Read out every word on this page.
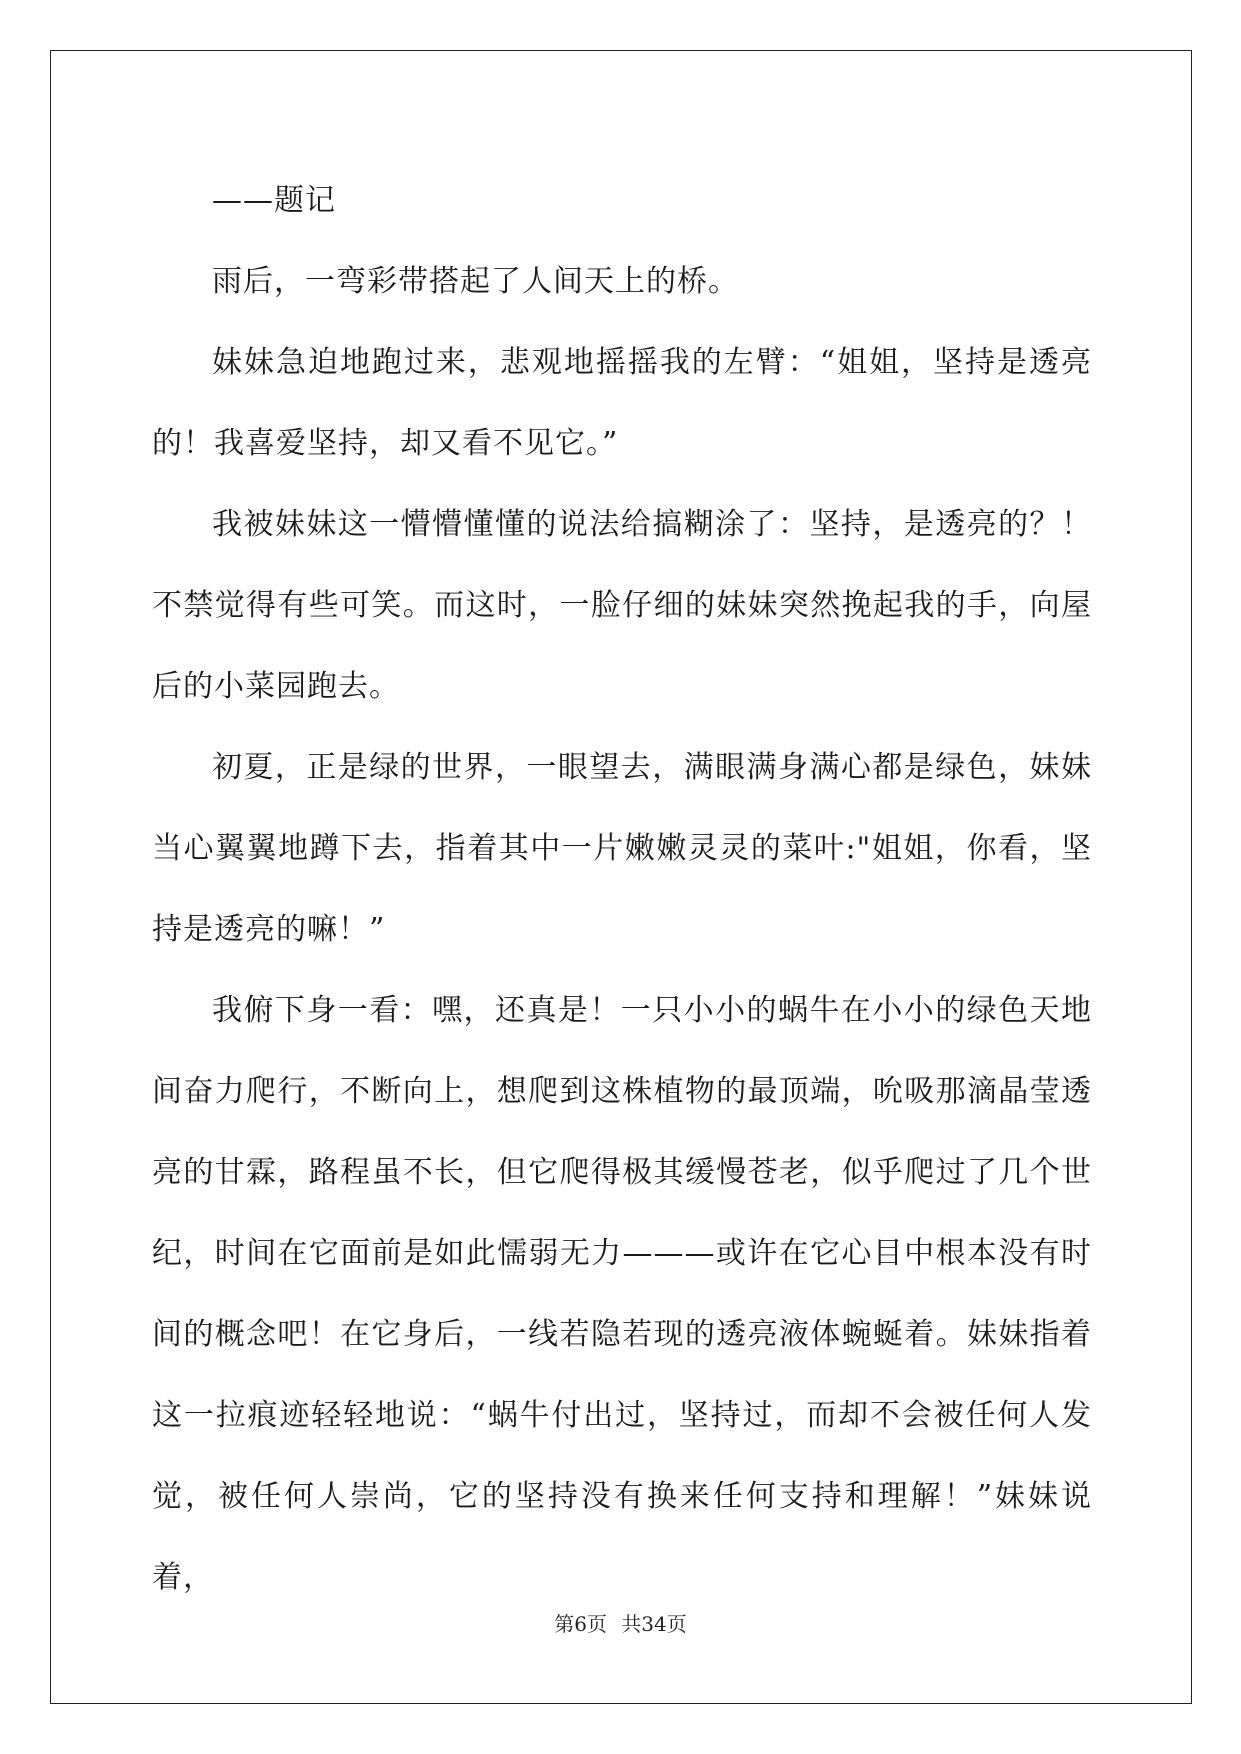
——题记

雨后，一弯彩带搭起了人间天上的桥。

妹妹急迫地跑过来，悲观地摇摇我的左臂：“姐姐，坚持是透亮的！我喜爱坚持，却又看不见它。”

我被妹妹这一懵懵懂懂的说法给搞糊涂了：坚持，是透亮的？！不禁觉得有些可笑。而这时，一脸仔细的妹妹突然挽起我的手，向屋后的小菜园跑去。

初夏，正是绿的世界，一眼望去，满眼满身满心都是绿色，妹妹当心翼翼地蹲下去，指着其中一片嫩嫩灵灵的菜叶:"姐姐，你看，坚持是透亮的嘛！”

我俯下身一看：嘿，还真是！一只小小的蜗牛在小小的绿色天地间奋力爬行，不断向上，想爬到这株植物的最顶端，吮吸那滴晶莹透亮的甘霖，路程虽不长，但它爬得极其缓慢苍老，似乎爬过了几个世纪，时间在它面前是如此懦弱无力———或许在它心目中根本没有时间的概念吧！在它身后，一线若隐若现的透亮液体蜿蜒着。妹妹指着这一拉痕迹轻轻地说：“蜗牛付出过，坚持过，而却不会被任何人发觉，被任何人崇尚，它的坚持没有换来任何支持和理解！”妹妹说着，

第6页 共34页
